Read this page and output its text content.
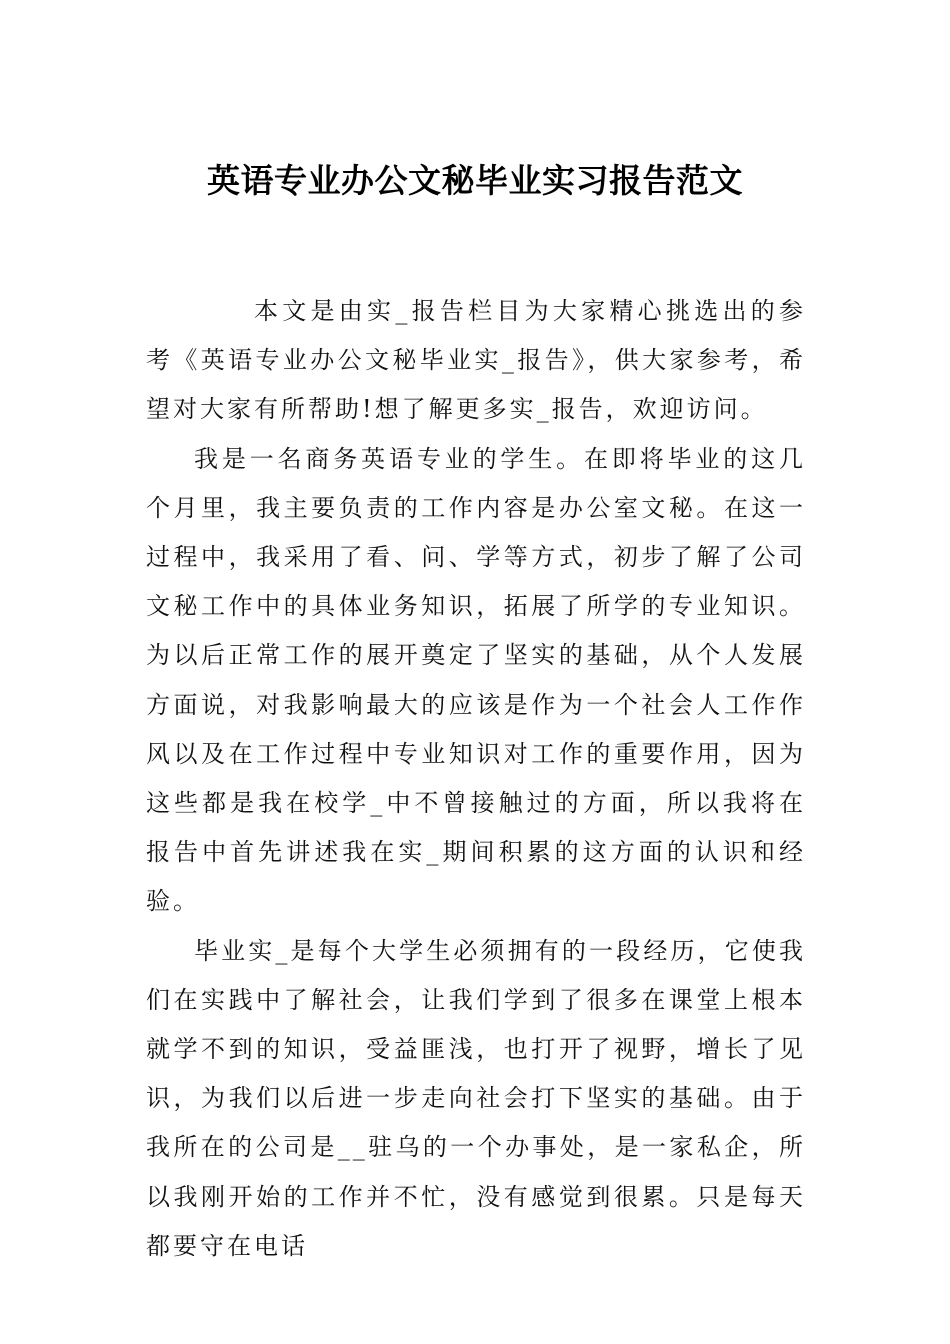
英语专业办公文秘毕业实习报告范文

本文是由实_报告栏目为大家精心挑选出的参考《英语专业办公文秘毕业实_报告》，供大家参考，希望对大家有所帮助!想了解更多实_报告，欢迎访问。

我是一名商务英语专业的学生。在即将毕业的这几个月里，我主要负责的工作内容是办公室文秘。在这一过程中，我采用了看、问、学等方式，初步了解了公司文秘工作中的具体业务知识，拓展了所学的专业知识。为以后正常工作的展开奠定了坚实的基础，从个人发展方面说，对我影响最大的应该是作为一个社会人工作作风以及在工作过程中专业知识对工作的重要作用，因为这些都是我在校学_中不曾接触过的方面，所以我将在报告中首先讲述我在实_期间积累的这方面的认识和经验。

毕业实_是每个大学生必须拥有的一段经历，它使我们在实践中了解社会，让我们学到了很多在课堂上根本就学不到的知识，受益匪浅，也打开了视野，增长了见识，为我们以后进一步走向社会打下坚实的基础。由于我所在的公司是__驻乌的一个办事处，是一家私企，所以我刚开始的工作并不忙，没有感觉到很累。只是每天都要守在电话
